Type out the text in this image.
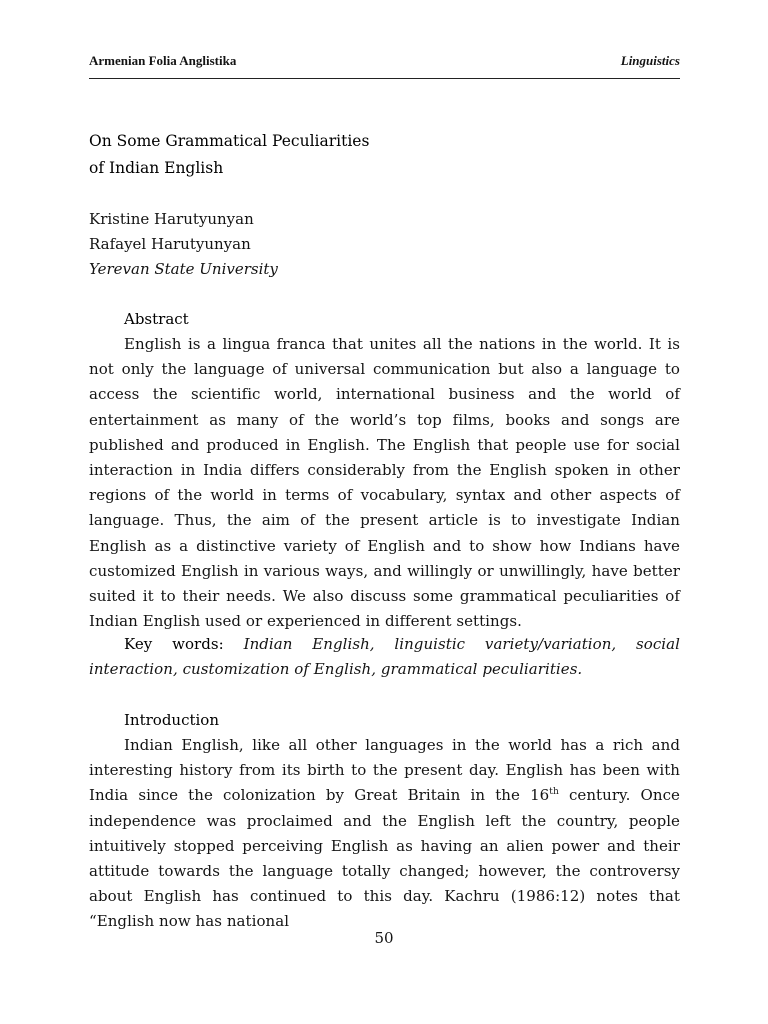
Armenian Folia Anglistika	Linguistics
On Some Grammatical Peculiarities
of Indian English
Kristine Harutyunyan
Rafayel Harutyunyan
Yerevan State University
Abstract

English is a lingua franca that unites all the nations in the world. It is not only the language of universal communication but also a language to access the scientific world, international business and the world of entertainment as many of the world’s top films, books and songs are published and produced in English. The English that people use for social interaction in India differs considerably from the English spoken in other regions of the world in terms of vocabulary, syntax and other aspects of language. Thus, the aim of the present article is to investigate Indian English as a distinctive variety of English and to show how Indians have customized English in various ways, and willingly or unwillingly, have better suited it to their needs. We also discuss some grammatical peculiarities of Indian English used or experienced in different settings.

Key words: Indian English, linguistic variety/variation, social interaction, customization of English, grammatical peculiarities.

Introduction

Indian English, like all other languages in the world has a rich and interesting history from its birth to the present day. English has been with India since the colonization by Great Britain in the 16th century. Once independence was proclaimed and the English left the country, people intuitively stopped perceiving English as having an alien power and their attitude towards the language totally changed; however, the controversy about English has continued to this day. Kachru (1986:12) notes that “English now has national

50
